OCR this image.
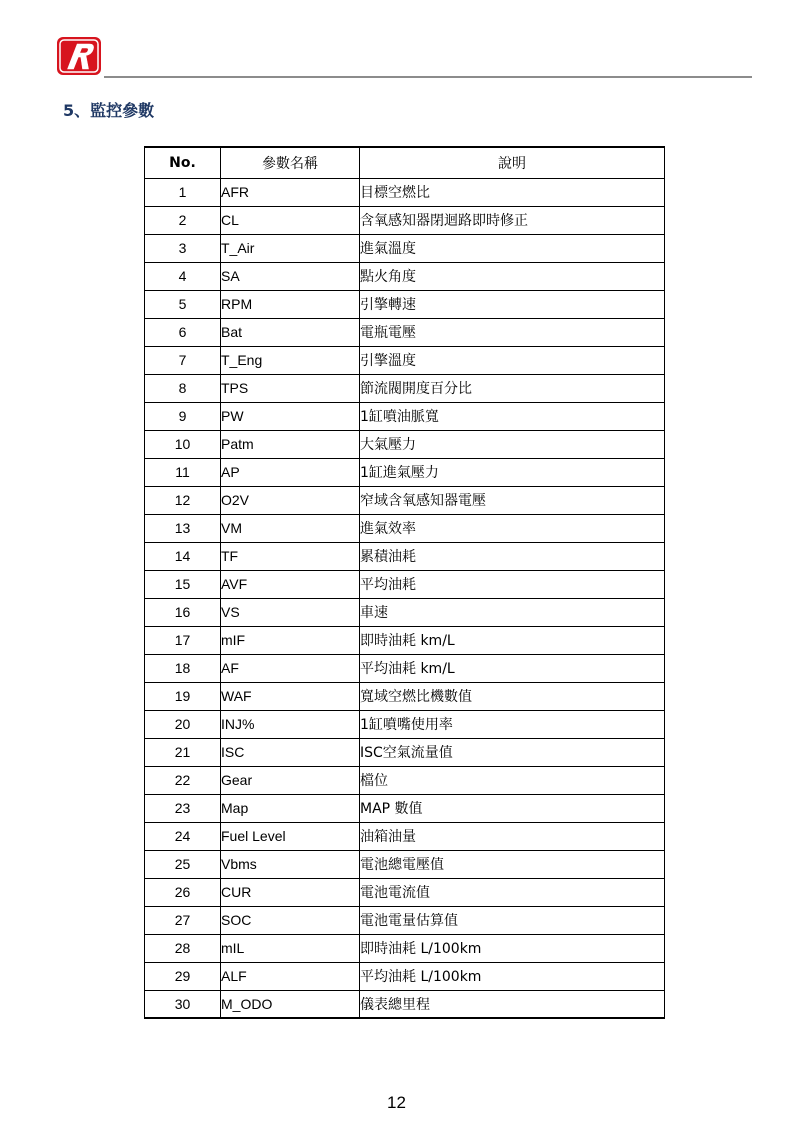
5、監控參數
No.	參數名稱	說明
1	AFR	目標空燃比
2	CL	含氧感知器閉迴路即時修正
3	T_Air	進氣溫度
4	SA	點火角度
5	RPM	引擎轉速
6	Bat	電瓶電壓
7	T_Eng	引擎溫度
8	TPS	節流閥開度百分比
9	PW	1缸噴油脈寬
10	Patm	大氣壓力
11	AP	1缸進氣壓力
12	O2V	窄域含氧感知器電壓
13	VM	進氣效率
14	TF	累積油耗
15	AVF	平均油耗
16	VS	車速
17	mIF	即時油耗 km/L
18	AF	平均油耗 km/L
19	WAF	寬域空燃比機數值
20	INJ%	1缸噴嘴使用率
21	ISC	ISC空氣流量值
22	Gear	檔位
23	Map	MAP 數值
24	Fuel Level	油箱油量
25	Vbms	電池總電壓值
26	CUR	電池電流值
27	SOC	電池電量估算值
28	mIL	即時油耗 L/100km
29	ALF	平均油耗 L/100km
30	M_ODO	儀表總里程
12
